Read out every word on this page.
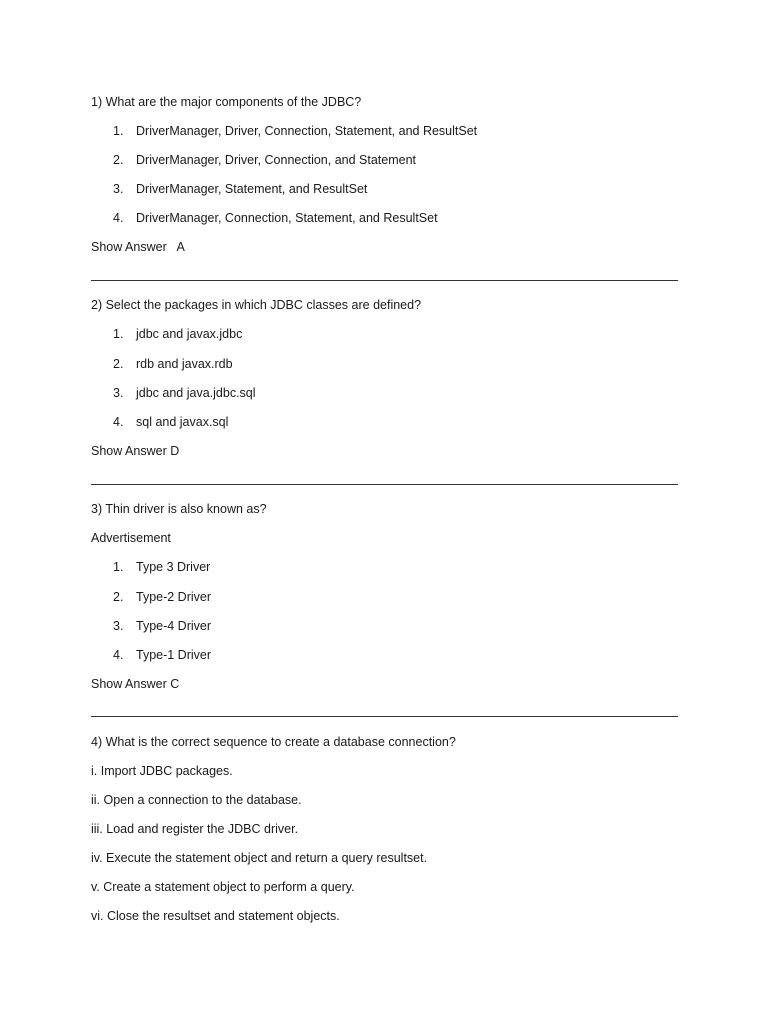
1) What are the major components of the JDBC?
1. DriverManager, Driver, Connection, Statement, and ResultSet
2. DriverManager, Driver, Connection, and Statement
3. DriverManager, Statement, and ResultSet
4. DriverManager, Connection, Statement, and ResultSet
Show Answer   A
2) Select the packages in which JDBC classes are defined?
1. jdbc and javax.jdbc
2. rdb and javax.rdb
3. jdbc and java.jdbc.sql
4. sql and javax.sql
Show Answer D
3) Thin driver is also known as?
Advertisement
1. Type 3 Driver
2. Type-2 Driver
3. Type-4 Driver
4. Type-1 Driver
Show Answer C
4) What is the correct sequence to create a database connection?
i. Import JDBC packages.
ii. Open a connection to the database.
iii. Load and register the JDBC driver.
iv. Execute the statement object and return a query resultset.
v. Create a statement object to perform a query.
vi. Close the resultset and statement objects.
